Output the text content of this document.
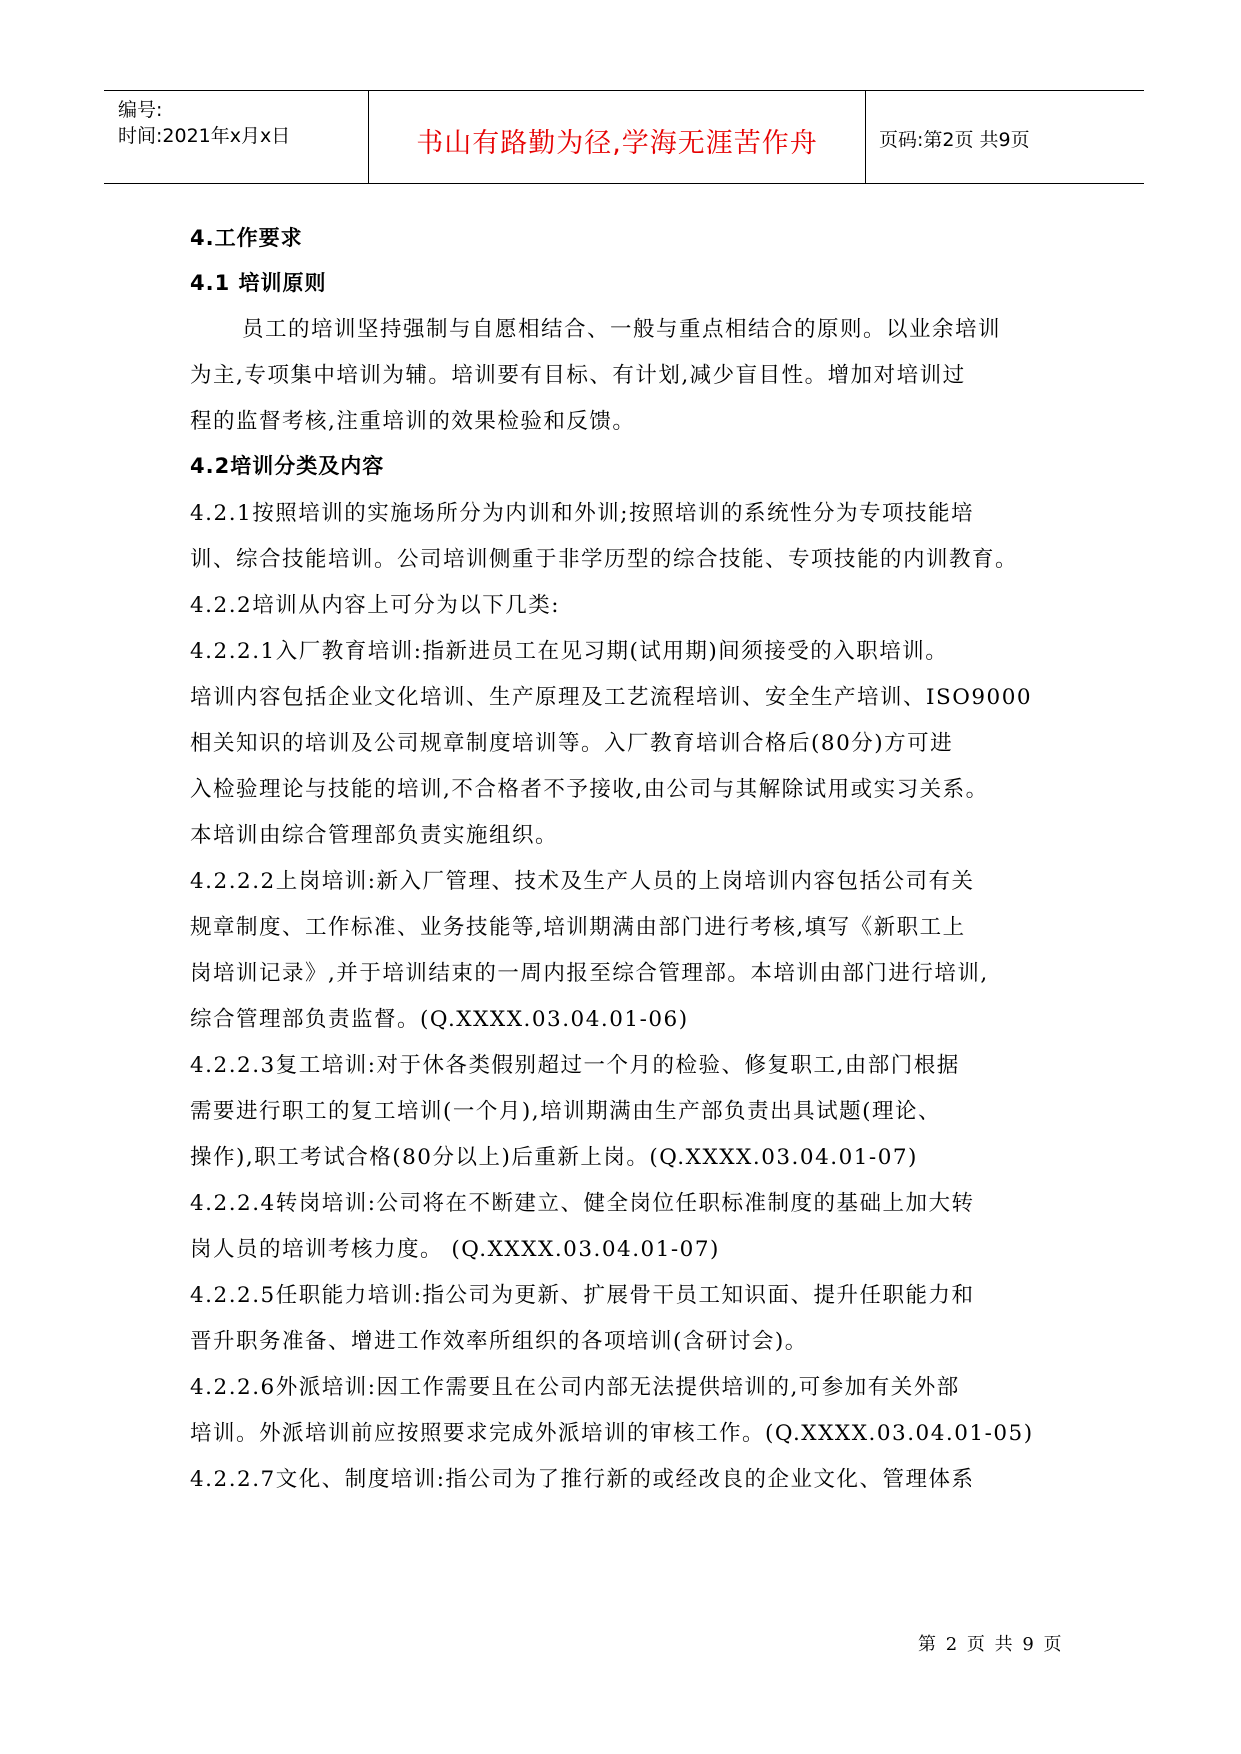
编号:
时间:2021年x月x日	书山有路勤为径,学海无涯苦作舟	页码:第2页 共9页
4.工作要求
4.1 培训原则
员工的培训坚持强制与自愿相结合、一般与重点相结合的原则。以业余培训
为主,专项集中培训为辅。培训要有目标、有计划,减少盲目性。增加对培训过
程的监督考核,注重培训的效果检验和反馈。
4.2培训分类及内容
4.2.1按照培训的实施场所分为内训和外训;按照培训的系统性分为专项技能培
训、综合技能培训。公司培训侧重于非学历型的综合技能、专项技能的内训教育。
4.2.2培训从内容上可分为以下几类:
4.2.2.1入厂教育培训:指新进员工在见习期(试用期)间须接受的入职培训。
培训内容包括企业文化培训、生产原理及工艺流程培训、安全生产培训、ISO9000
相关知识的培训及公司规章制度培训等。入厂教育培训合格后(80分)方可进
入检验理论与技能的培训,不合格者不予接收,由公司与其解除试用或实习关系。
本培训由综合管理部负责实施组织。
4.2.2.2上岗培训:新入厂管理、技术及生产人员的上岗培训内容包括公司有关
规章制度、工作标准、业务技能等,培训期满由部门进行考核,填写《新职工上
岗培训记录》,并于培训结束的一周内报至综合管理部。本培训由部门进行培训,
综合管理部负责监督。(Q.XXXX.03.04.01-06)
4.2.2.3复工培训:对于休各类假别超过一个月的检验、修复职工,由部门根据
需要进行职工的复工培训(一个月),培训期满由生产部负责出具试题(理论、
操作),职工考试合格(80分以上)后重新上岗。(Q.XXXX.03.04.01-07)
4.2.2.4转岗培训:公司将在不断建立、健全岗位任职标准制度的基础上加大转
岗人员的培训考核力度。 (Q.XXXX.03.04.01-07)
4.2.2.5任职能力培训:指公司为更新、扩展骨干员工知识面、提升任职能力和
晋升职务准备、增进工作效率所组织的各项培训(含研讨会)。
4.2.2.6外派培训:因工作需要且在公司内部无法提供培训的,可参加有关外部
培训。外派培训前应按照要求完成外派培训的审核工作。(Q.XXXX.03.04.01-05)
4.2.2.7文化、制度培训:指公司为了推行新的或经改良的企业文化、管理体系
第 2 页 共 9 页
